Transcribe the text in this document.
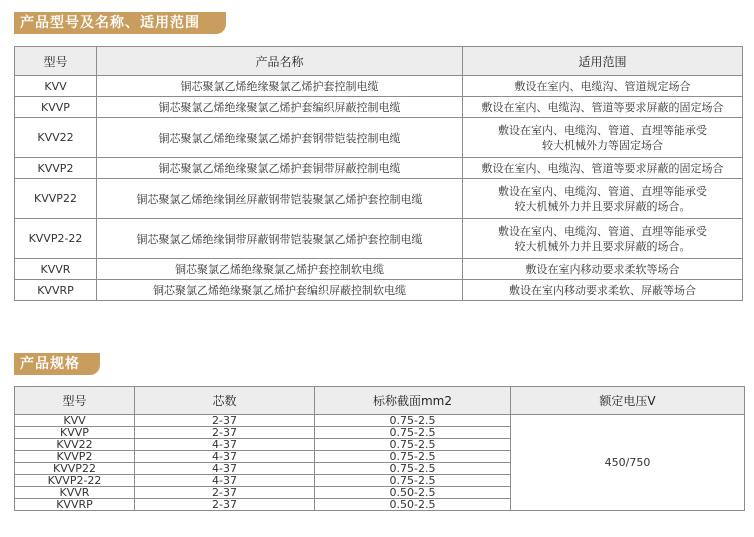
产品型号及名称、适用范围
型号	产品名称	适用范围
KVV	铜芯聚氯乙烯绝缘聚氯乙烯护套控制电缆	敷设在室内、电缆沟、管道规定场合

KVVP	铜芯聚氯乙烯绝缘聚氯乙烯护套编织屏蔽控制电缆	敷设在室内、电缆沟、管道等要求屏蔽的固定场合

KVV22	铜芯聚氯乙烯绝缘聚氯乙烯护套钢带铠装控制电缆	敷设在室内、电缆沟、管道、直埋等能承受
较大机械外力等固定场合

KVVP2	铜芯聚氯乙烯绝缘聚氯乙烯护套铜带屏蔽控制电缆	敷设在室内、电缆沟、管道等要求屏蔽的固定场合

KVVP22	铜芯聚氯乙烯绝缘铜丝屏蔽钢带铠装聚氯乙烯护套控制电缆	敷设在室内、电缆沟、管道、直埋等能承受
较大机械外力并且要求屏蔽的场合。

KVVP2-22	铜芯聚氯乙烯绝缘铜带屏蔽钢带铠装聚氯乙烯护套控制电缆	敷设在室内、电缆沟、管道、直埋等能承受
较大机械外力并且要求屏蔽的场合。

KVVR	铜芯聚氯乙烯绝缘聚氯乙烯护套控制软电缆	敷设在室内移动要求柔软等场合

KVVRP	铜芯聚氯乙烯绝缘聚氯乙烯护套编织屏蔽控制软电缆	敷设在室内移动要求柔软、屏蔽等场合
产品规格
型号	芯数	标称截面mm2	额定电压V
KVV	2-37	0.75-2.5	450/750
KVVP	2-37	0.75-2.5	
KVV22	4-37	0.75-2.5	
KVVP2	4-37	0.75-2.5	
KVVP22	4-37	0.75-2.5	
KVVP2-22	4-37	0.75-2.5	
KVVR	2-37	0.50-2.5	
KVVRP	2-37	0.50-2.5	
